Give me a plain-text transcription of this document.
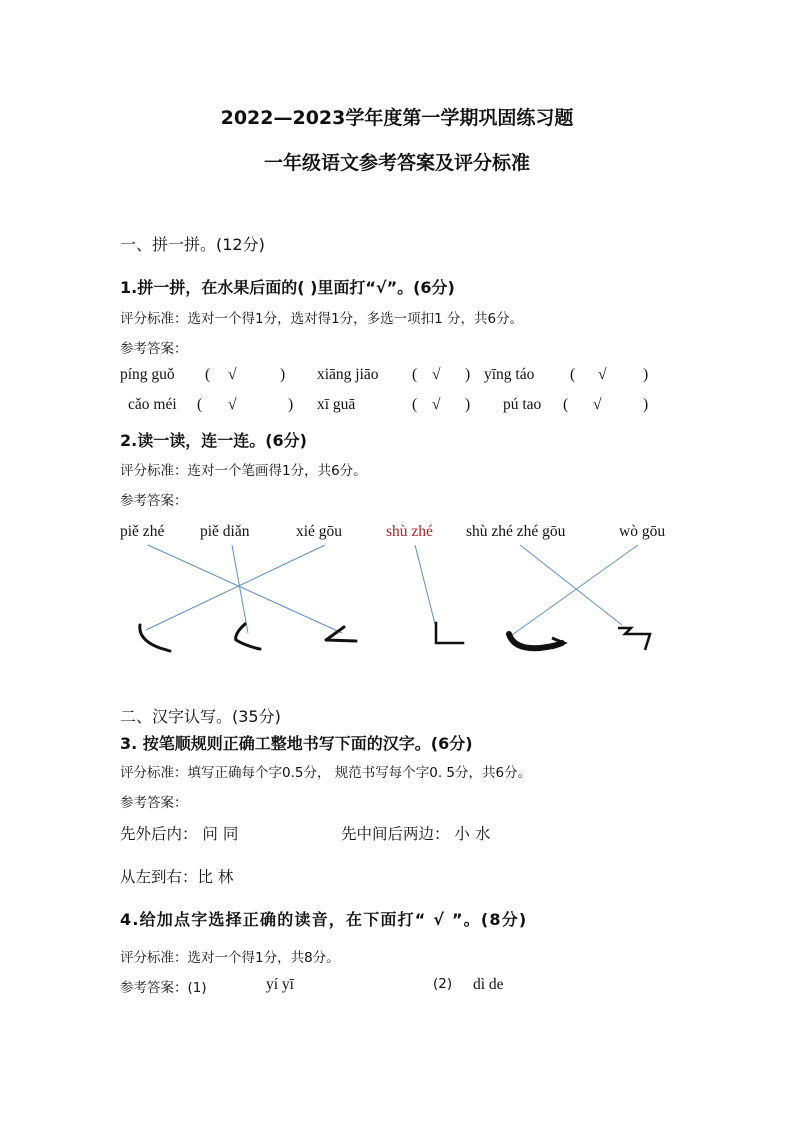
2022—2023学年度第一学期巩固练习题
一年级语文参考答案及评分标准
一、拼一拼。(12分)
1.拼一拼，在水果后面的( )里面打“√”。(6分)
评分标准：选对一个得1分，选对得1分，多选一项扣1 分，共6分。
参考答案：
píng guǒ ( √	) xiāng jiāo ( √ ) yīng táo ( √ )
cǎo méi ( √	) xī guā	( √ ) pú tao ( √	)
2.读一读，连一连。(6分)
评分标准：连对一个笔画得1分，共6分。
参考答案：
piě zhé piě diǎn	xié gōu	shù zhé shù zhé zhé gōu	wò gōu
二、汉字认写。(35分)
3. 按笔顺规则正确工整地书写下面的汉字。(6分)
评分标准：填写正确每个字0.5分， 规范书写每个字0. 5分，共6分。
参考答案：
先外后内： 问 同	先中间后两边： 小 水
从左到右：比 林
4.给加点字选择正确的读音，在下面打“ √ ”。(8分)
评分标准：选对一个得1分，共8分。
参考答案：(1)	yí yī	(2) dì de
